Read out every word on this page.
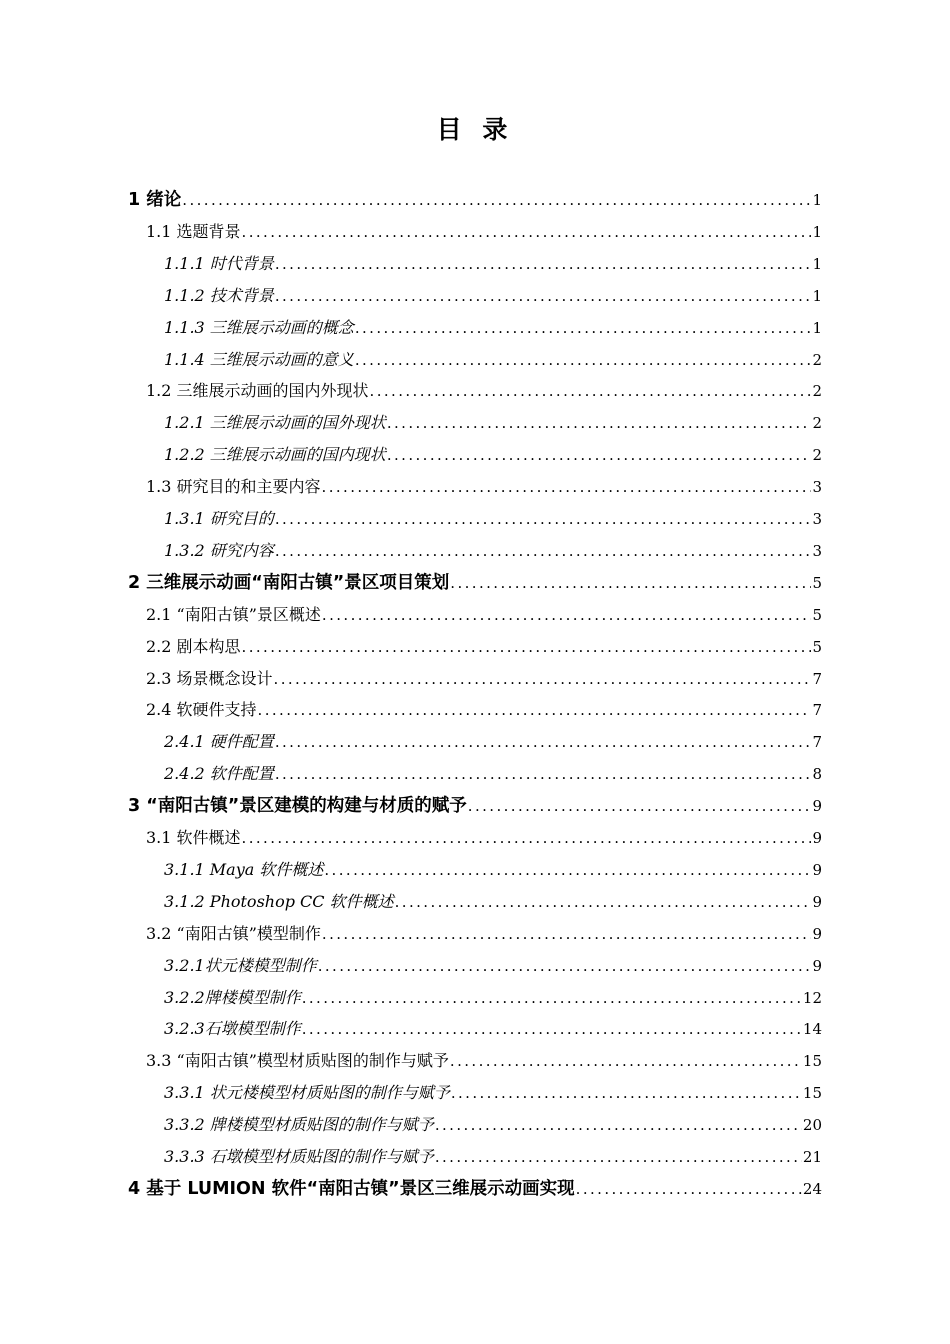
目 录
1 绪论 .....	1
1.1 选题背景 .....	1
1.1.1 时代背景 .....	1
1.1.2 技术背景 .....	1
1.1.3 三维展示动画的概念 .....	1
1.1.4 三维展示动画的意义 .....	2
1.2 三维展示动画的国内外现状 .....	2
1.2.1 三维展示动画的国外现状 .....	2
1.2.2 三维展示动画的国内现状 .....	2
1.3 研究目的和主要内容 .....	3
1.3.1 研究目的 .....	3
1.3.2 研究内容 .....	3
2 三维展示动画“南阳古镇”景区项目策划 .....	5
2.1 “南阳古镇”景区概述 .....	5
2.2 剧本构思 .....	5
2.3 场景概念设计 .....	7
2.4 软硬件支持 .....	7
2.4.1 硬件配置 .....	7
2.4.2 软件配置 .....	8
3 “南阳古镇”景区建模的构建与材质的赋予 .....	9
3.1 软件概述 .....	9
3.1.1 Maya 软件概述 .....	9
3.1.2 Photoshop CC 软件概述 .....	9
3.2 “南阳古镇”模型制作 .....	9
3.2.1状元楼模型制作 .....	9
3.2.2牌楼模型制作 .....	12
3.2.3石墩模型制作 .....	14
3.3 “南阳古镇”模型材质贴图的制作与赋予 .....	15
3.3.1 状元楼模型材质贴图的制作与赋予 .....	15
3.3.2 牌楼模型材质贴图的制作与赋予 .....	20
3.3.3 石墩模型材质贴图的制作与赋予 .....	21
4 基于 LUMION 软件“南阳古镇”景区三维展示动画实现 .....	24
